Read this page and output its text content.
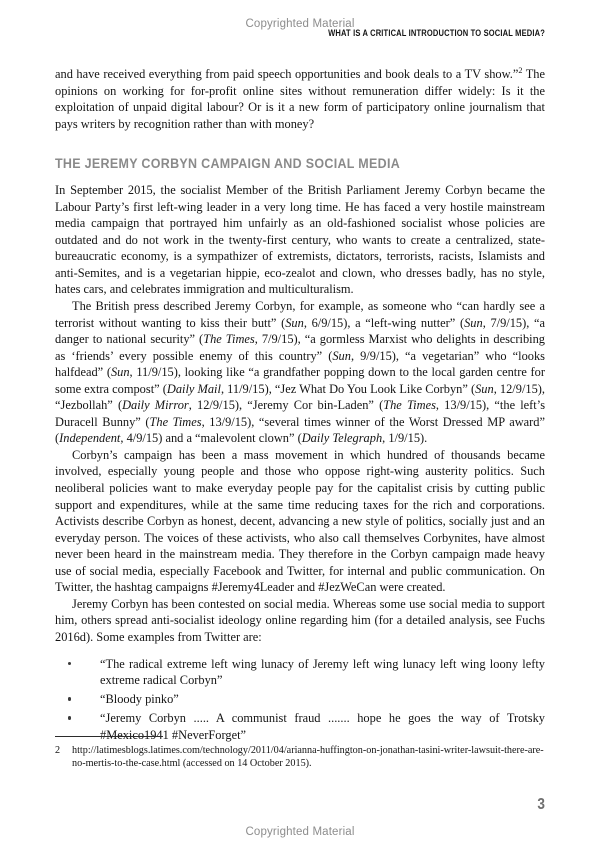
Copyrighted Material
WHAT IS A CRITICAL INTRODUCTION TO SOCIAL MEDIA?

and have received everything from paid speech opportunities and book deals to a TV show.”$^2$ The opinions on working for for-profit online sites without remuneration differ widely: Is it the exploitation of unpaid digital labour? Or is it a new form of participatory online journalism that pays writers by recognition rather than with money?

THE JEREMY CORBYN CAMPAIGN AND SOCIAL MEDIA

In September 2015, the socialist Member of the British Parliament Jeremy Corbyn became the Labour Party’s first left-wing leader in a very long time. He has faced a very hostile mainstream media campaign that portrayed him unfairly as an old-fashioned socialist whose policies are outdated and do not work in the twenty-first century, who wants to create a centralized, state-bureaucratic economy, is a sympathizer of extremists, dictators, terrorists, racists, Islamists and anti-Semites, and is a vegetarian hippie, eco-zealot and clown, who dresses badly, has no style, hates cars, and celebrates immigration and multiculturalism.

The British press described Jeremy Corbyn, for example, as someone who “can hardly see a terrorist without wanting to kiss their butt” (Sun, 6/9/15), a “left-wing nutter” (Sun, 7/9/15), “a danger to national security” (The Times, 7/9/15), “a gormless Marxist who delights in describing as ‘friends’ every possible enemy of this country” (Sun, 9/9/15), “a vegetarian” who “looks halfdead” (Sun, 11/9/15), looking like “a grandfather popping down to the local garden centre for some extra compost” (Daily Mail, 11/9/15), “Jez What Do You Look Like Corbyn” (Sun, 12/9/15), “Jezbollah” (Daily Mirror, 12/9/15), “Jeremy Cor bin-Laden” (The Times, 13/9/15), “the left’s Duracell Bunny” (The Times, 13/9/15), “several times winner of the Worst Dressed MP award” (Independent, 4/9/15) and a “malevolent clown” (Daily Telegraph, 1/9/15).

Corbyn’s campaign has been a mass movement in which hundred of thousands became involved, especially young people and those who oppose right-wing austerity politics. Such neoliberal policies want to make everyday people pay for the capitalist crisis by cutting public support and expenditures, while at the same time reducing taxes for the rich and corporations. Activists describe Corbyn as honest, decent, advancing a new style of politics, socially just and an everyday person. The voices of these activists, who also call themselves Corbynites, have almost never been heard in the mainstream media. They therefore in the Corbyn campaign made heavy use of social media, especially Facebook and Twitter, for internal and public communication. On Twitter, the hashtag campaigns #Jeremy4Leader and #JezWeCan were created.

Jeremy Corbyn has been contested on social media. Whereas some use social media to support him, others spread anti-socialist ideology online regarding him (for a detailed analysis, see Fuchs 2016d). Some examples from Twitter are:

“The radical extreme left wing lunacy of Jeremy left wing lunacy left wing loony lefty extreme radical Corbyn”
“Bloody pinko”
“Jeremy Corbyn ..... A communist fraud ....... hope he goes the way of Trotsky #Mexico1941 #NeverForget”
2 http://latimesblogs.latimes.com/technology/2011/04/arianna-huffington-on-jonathan-tasini-writer-lawsuit-there-are-no-mertis-to-the-case.html (accessed on 14 October 2015).
3
Copyrighted Material
